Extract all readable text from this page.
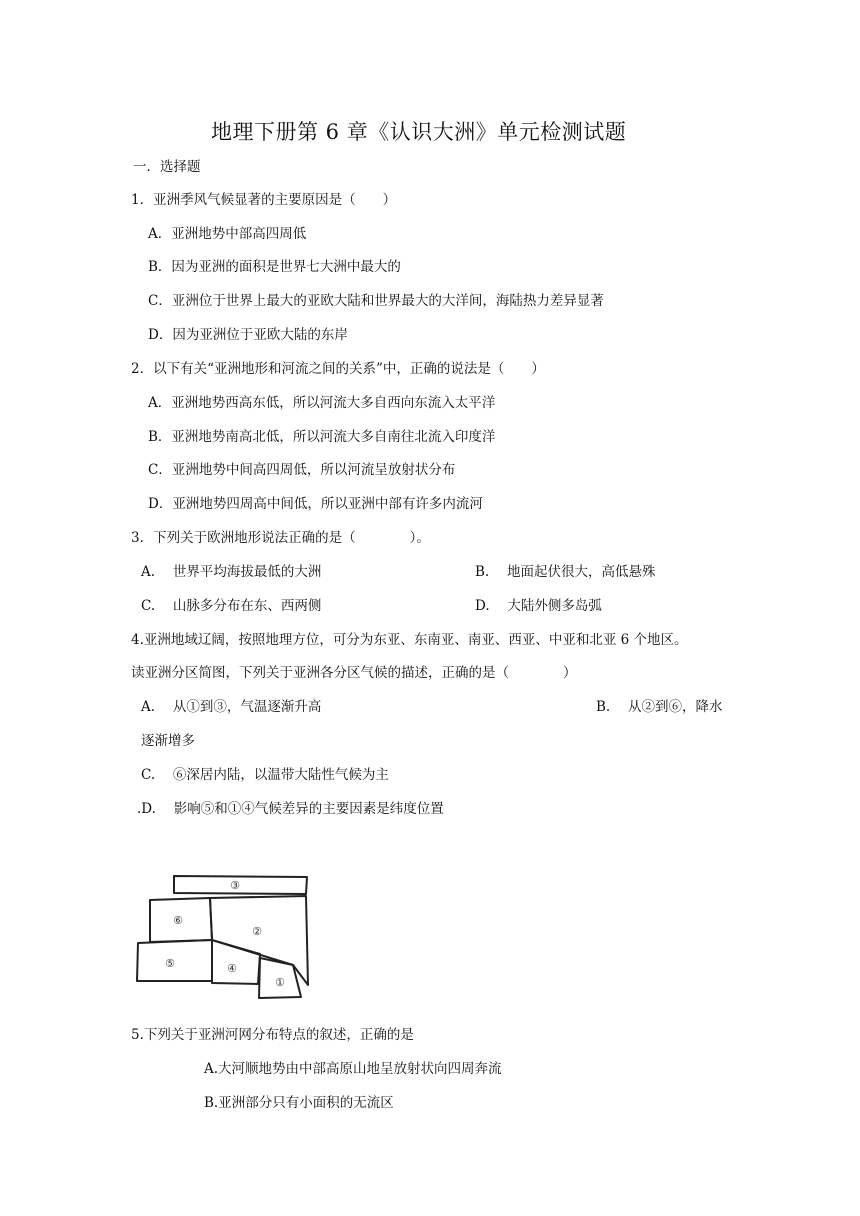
地理下册第 6 章《认识大洲》单元检测试题
一．选择题
1．亚洲季风气候显著的主要原因是（　　）
A．亚洲地势中部高四周低
B．因为亚洲的面积是世界七大洲中最大的
C．亚洲位于世界上最大的亚欧大陆和世界最大的大洋间，海陆热力差异显著
D．因为亚洲位于亚欧大陆的东岸
2．以下有关“亚洲地形和河流之间的关系”中，正确的说法是（　　）
A．亚洲地势西高东低，所以河流大多自西向东流入太平洋
B．亚洲地势南高北低，所以河流大多自南往北流入印度洋
C．亚洲地势中间高四周低，所以河流呈放射状分布
D．亚洲地势四周高中间低，所以亚洲中部有许多内流河
3．下列关于欧洲地形说法正确的是（　　　　）。
A.　 世界平均海拔最低的大洲	B.　 地面起伏很大，高低悬殊
C.　 山脉多分布在东、西两侧	D.　 大陆外侧多岛弧
4.亚洲地域辽阔，按照地理方位，可分为东亚、东南亚、南亚、西亚、中亚和北亚 6 个地区。
读亚洲分区简图，下列关于亚洲各分区气候的描述，正确的是（　　　　）
A.　 从①到③，气温逐渐升高	B.　 从②到⑥，降水
逐渐增多
C.　 ⑥深居内陆，以温带大陆性气候为主
.D.　 影响⑤和①④气候差异的主要因素是纬度位置
③
⑥
②
⑤	④
①
5.下列关于亚洲河网分布特点的叙述，正确的是
A.大河顺地势由中部高原山地呈放射状向四周奔流
B.亚洲部分只有小面积的无流区
